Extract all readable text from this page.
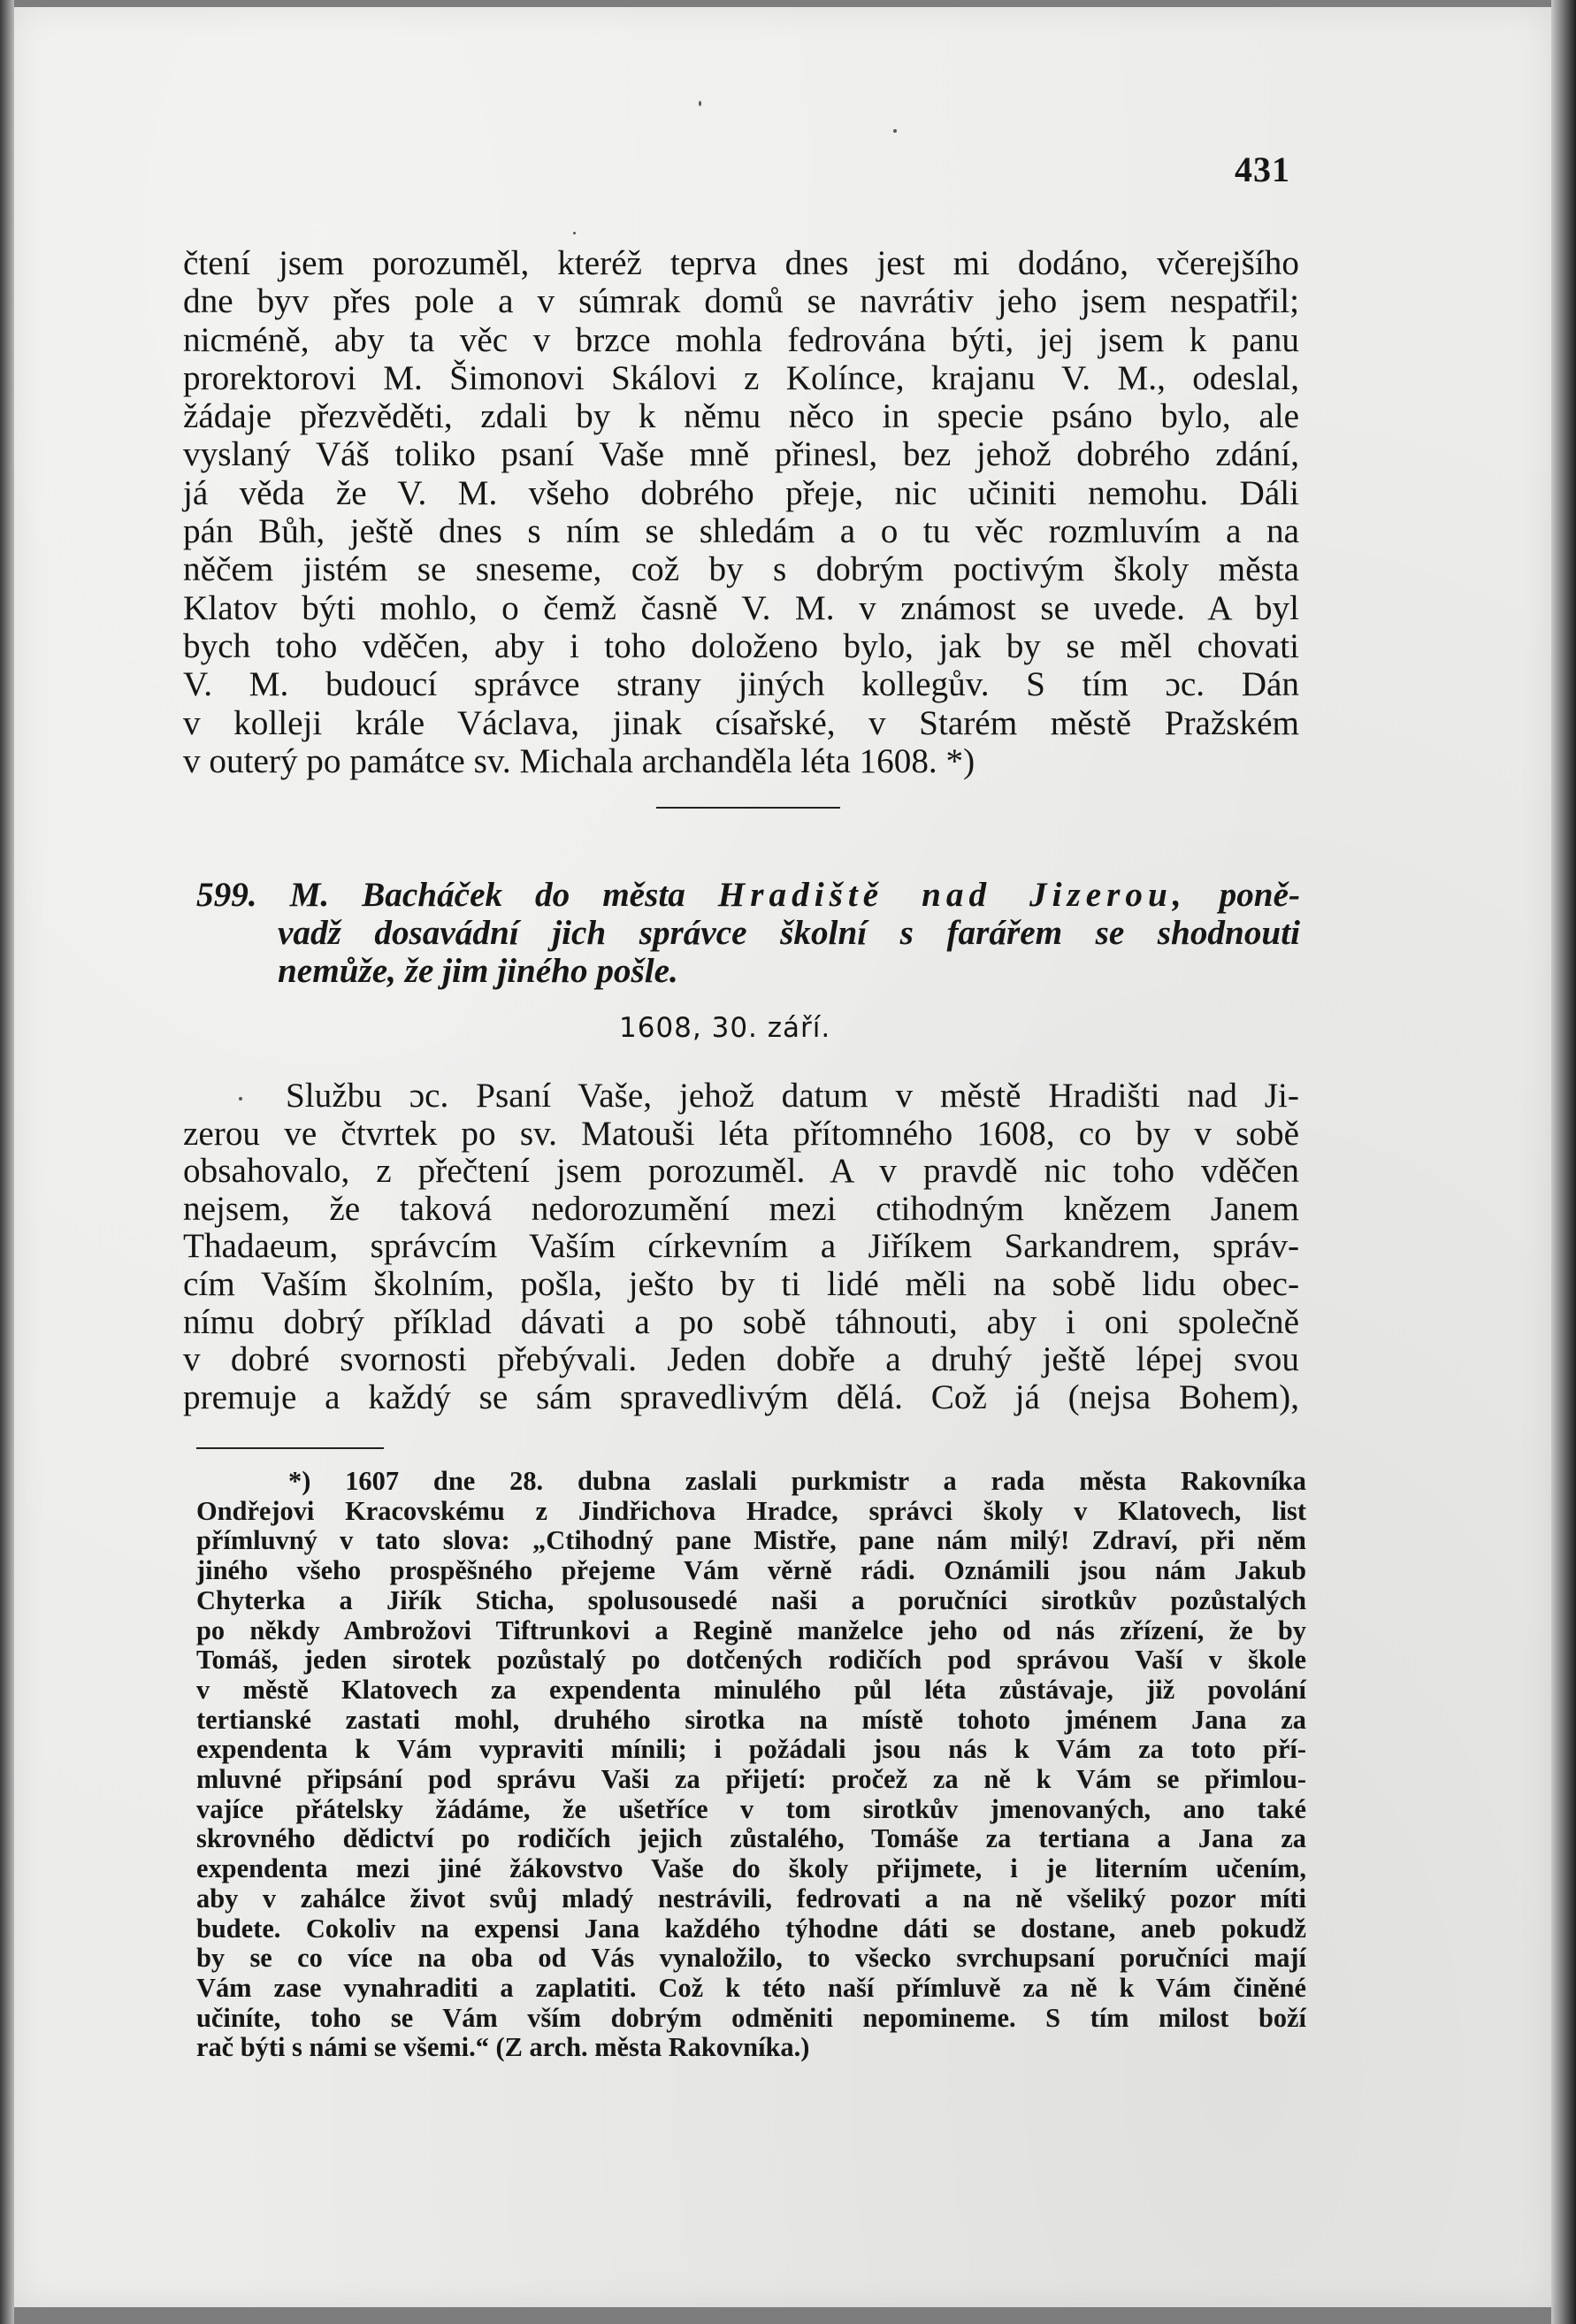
431
čtení jsem porozuměl, kteréž teprva dnes jest mi dodáno, včerejšího
dne byv přes pole a v súmrak domů se navrátiv jeho jsem nespatřil;
nicméně, aby ta věc v brzce mohla fedrována býti, jej jsem k panu
prorektorovi M. Šimonovi Skálovi z Kolínce, krajanu V. M., odeslal,
žádaje přezvěděti, zdali by k němu něco in specie psáno bylo, ale
vyslaný Váš toliko psaní Vaše mně přinesl, bez jehož dobrého zdání,
já věda že V. M. všeho dobrého přeje, nic učiniti nemohu. Dáli
pán Bůh, ještě dnes s ním se shledám a o tu věc rozmluvím a na
něčem jistém se sneseme, což by s dobrým poctivým školy města
Klatov býti mohlo, o čemž časně V. M. v známost se uvede. A byl
bych toho vděčen, aby i toho doloženo bylo, jak by se měl chovati
V. M. budoucí správce strany jiných kollegův. S tím ɔc. Dán
v kolleji krále Václava, jinak císařské, v Starém městě Pražském
v outerý po památce sv. Michala archanděla léta 1608. *)
599. M. Bacháček do města Hradiště nad Jizerou, poně-
vadž dosavádní jich správce školní s farářem se shodnouti
nemůže, že jim jiného pošle.
1608, 30. září.
Službu ɔc. Psaní Vaše, jehož datum v městě Hradišti nad Ji-
zerou ve čtvrtek po sv. Matouši léta přítomného 1608, co by v sobě
obsahovalo, z přečtení jsem porozuměl. A v pravdě nic toho vděčen
nejsem, že taková nedorozumění mezi ctihodným knězem Janem
Thadaeum, správcím Vaším církevním a Jiříkem Sarkandrem, správ-
cím Vaším školním, pošla, ješto by ti lidé měli na sobě lidu obec-
nímu dobrý příklad dávati a po sobě táhnouti, aby i oni společně
v dobré svornosti přebývali. Jeden dobře a druhý ještě lépej svou
premuje a každý se sám spravedlivým dělá. Což já (nejsa Bohem),
*) 1607 dne 28. dubna zaslali purkmistr a rada města Rakovníka
Ondřejovi Kracovskému z Jindřichova Hradce, správci školy v Klatovech, list
přímluvný v tato slova: „Ctihodný pane Mistře, pane nám milý! Zdraví, při něm
jiného všeho prospěšného přejeme Vám věrně rádi. Oznámili jsou nám Jakub
Chyterka a Jiřík Sticha, spolusousedé naši a poručníci sirotkův pozůstalých
po někdy Ambrožovi Tiftrunkovi a Regině manželce jeho od nás zřízení, že by
Tomáš, jeden sirotek pozůstalý po dotčených rodičích pod správou Vaší v škole
v městě Klatovech za expendenta minulého půl léta zůstávaje, již povolání
tertianské zastati mohl, druhého sirotka na místě tohoto jménem Jana za
expendenta k Vám vypraviti mínili; i požádali jsou nás k Vám za toto pří-
mluvné připsání pod správu Vaši za přijetí: pročež za ně k Vám se přimlou-
vajíce přátelsky žádáme, že ušetříce v tom sirotkův jmenovaných, ano také
skrovného dědictví po rodičích jejich zůstalého, Tomáše za tertiana a Jana za
expendenta mezi jiné žákovstvo Vaše do školy přijmete, i je literním učením,
aby v zahálce život svůj mladý nestrávili, fedrovati a na ně všeliký pozor míti
budete. Cokoliv na expensi Jana každého týhodne dáti se dostane, aneb pokudž
by se co více na oba od Vás vynaložilo, to všecko svrchupsaní poručníci mají
Vám zase vynahraditi a zaplatiti. Což k této naší přímluvě za ně k Vám činěné
učiníte, toho se Vám vším dobrým odměniti nepomineme. S tím milost boží
rač býti s námi se všemi.“ (Z arch. města Rakovníka.)
